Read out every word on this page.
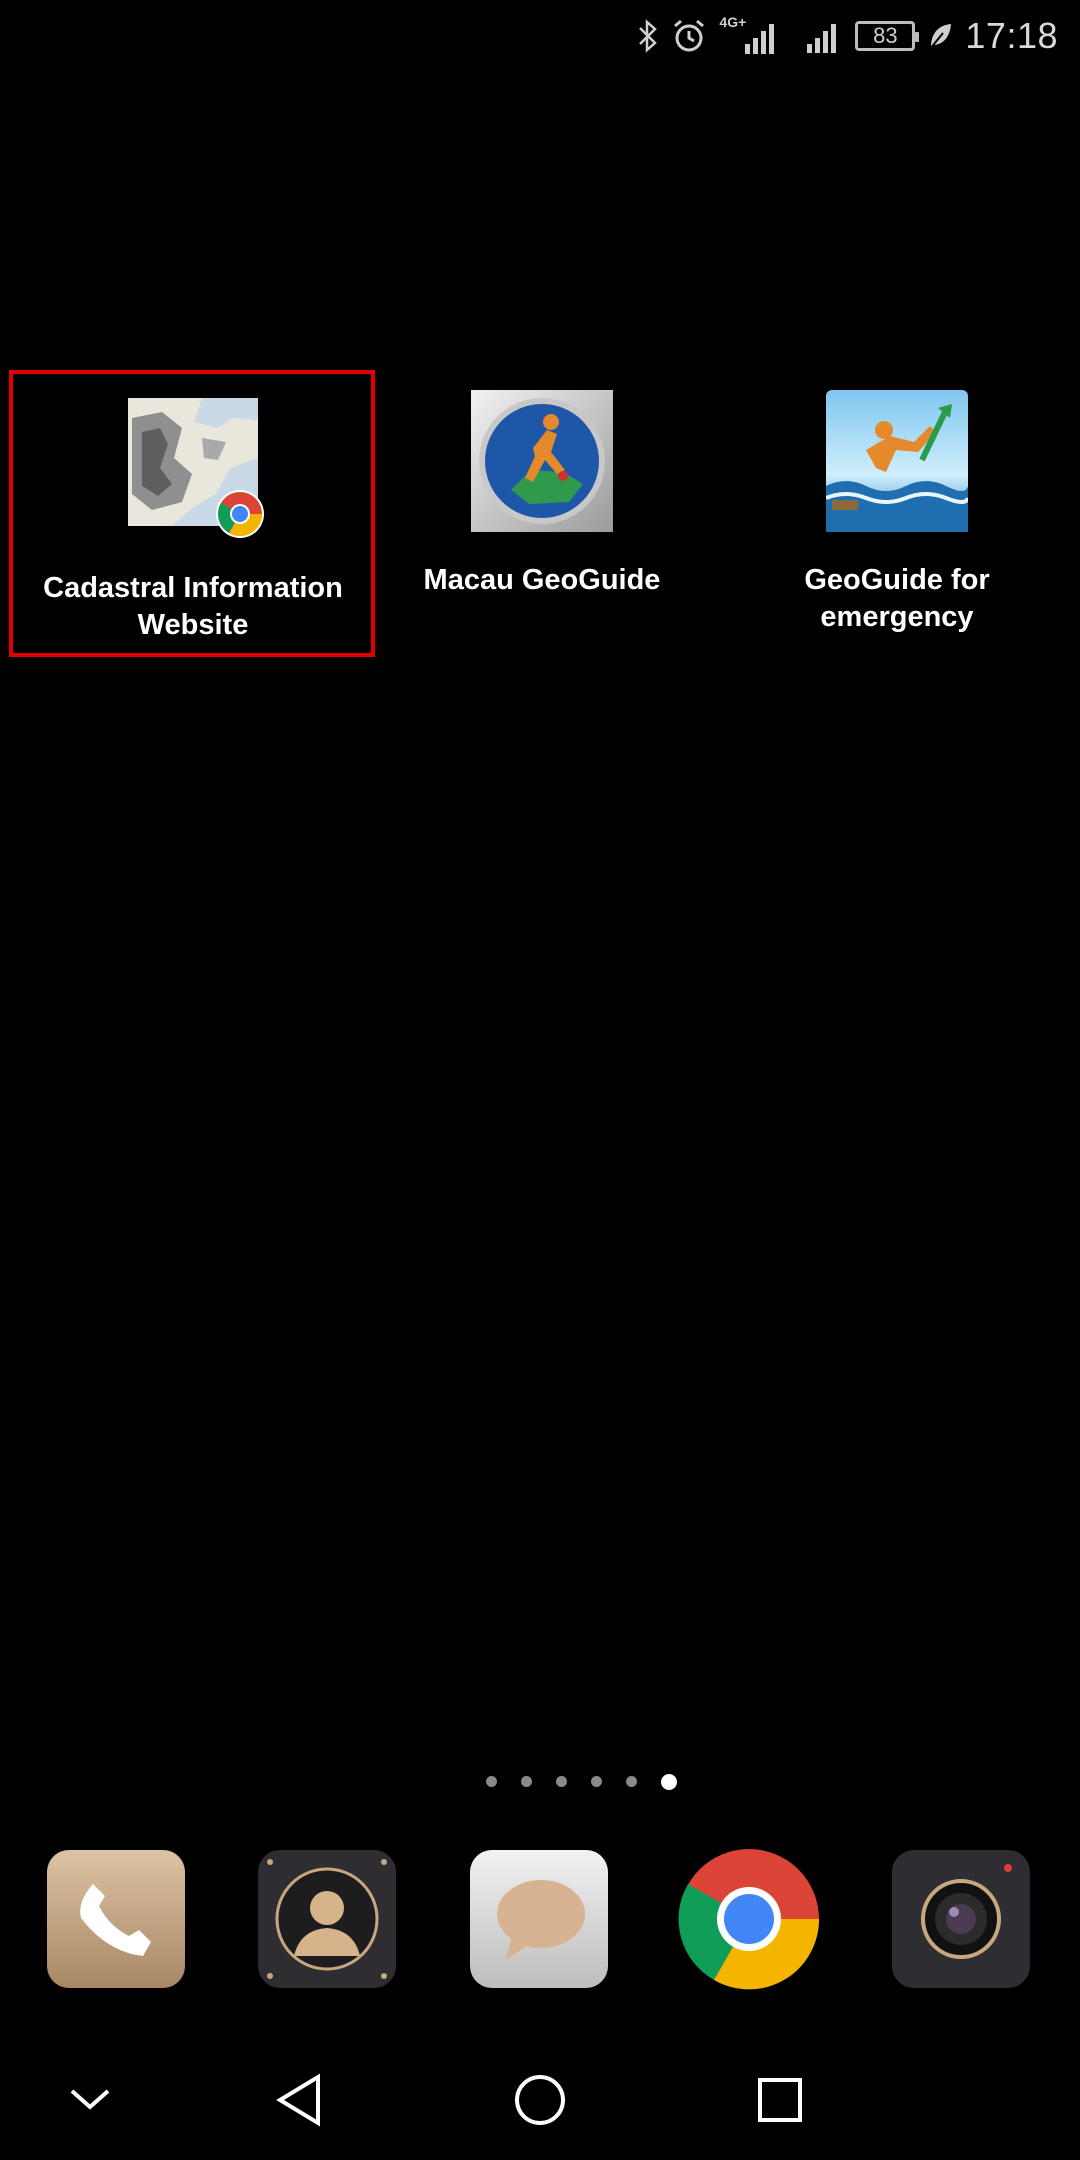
4G+
83 17:18
Cadastral Information Website
Macau GeoGuide	GeoGuide for emergency
